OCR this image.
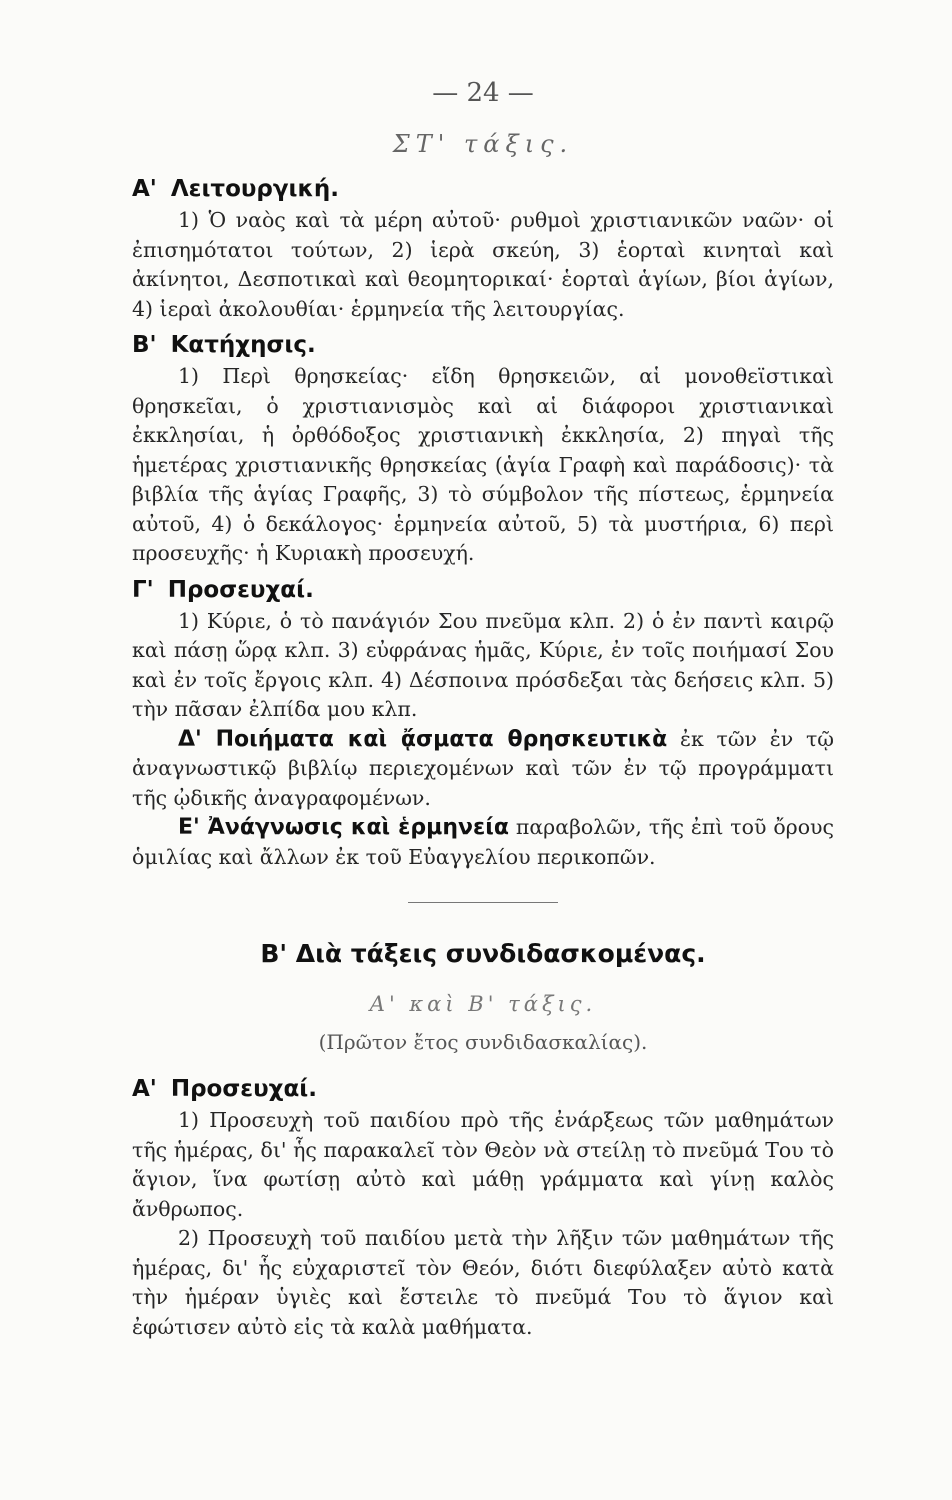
— 24 —
ΣΤ' τάξις.
Α' Λειτουργική.

1) Ὁ ναὸς καὶ τὰ μέρη αὐτοῦ· ρυθμοὶ χριστιανικῶν ναῶν· οἱ ἐπισημότατοι τούτων, 2) ἱερὰ σκεύη, 3) ἑορταὶ κινηταὶ καὶ ἀκίνητοι, Δεσποτικαὶ καὶ θεομητορικαί· ἑορταὶ ἁγίων, βίοι ἁγίων, 4) ἱεραὶ ἀκολουθίαι· ἑρμηνεία τῆς λειτουργίας.

Β' Κατήχησις.

1) Περὶ θρησκείας· εἴδη θρησκειῶν, αἱ μονοθεϊστικαὶ θρησκεῖαι, ὁ χριστιανισμὸς καὶ αἱ διάφοροι χριστιανικαὶ ἐκκλησίαι, ἡ ὀρθόδοξος χριστιανικὴ ἐκκλησία, 2) πηγαὶ τῆς ἡμετέρας χριστιανικῆς θρησκείας (ἁγία Γραφὴ καὶ παράδοσις)· τὰ βιβλία τῆς ἁγίας Γραφῆς, 3) τὸ σύμβολον τῆς πίστεως, ἑρμηνεία αὐτοῦ, 4) ὁ δεκάλογος· ἑρμηνεία αὐτοῦ, 5) τὰ μυστήρια, 6) περὶ προσευχῆς· ἡ Κυριακὴ προσευχή.

Γ' Προσευχαί.

1) Κύριε, ὁ τὸ πανάγιόν Σου πνεῦμα κλπ. 2) ὁ ἐν παντὶ καιρῷ καὶ πάσῃ ὥρᾳ κλπ. 3) εὐφράνας ἡμᾶς, Κύριε, ἐν τοῖς ποιήμασί Σου καὶ ἐν τοῖς ἔργοις κλπ. 4) Δέσποινα πρόσδεξαι τὰς δεήσεις κλπ. 5) τὴν πᾶσαν ἐλπίδα μου κλπ.

Δ' Ποιήματα καὶ ᾄσματα θρησκευτικὰ ἐκ τῶν ἐν τῷ ἀναγνωστικῷ βιβλίῳ περιεχομένων καὶ τῶν ἐν τῷ προγράμματι τῆς ᾠδικῆς ἀναγραφομένων.

Ε' Ἀνάγνωσις καὶ ἑρμηνεία παραβολῶν, τῆς ἐπὶ τοῦ ὄρους ὁμιλίας καὶ ἄλλων ἐκ τοῦ Εὐαγγελίου περικοπῶν.

Β' Διὰ τάξεις συνδιδασκομένας.
Α' καὶ Β' τάξις.
(Πρῶτον ἔτος συνδιδασκαλίας).
Α' Προσευχαί.

1) Προσευχὴ τοῦ παιδίου πρὸ τῆς ἐνάρξεως τῶν μαθημάτων τῆς ἡμέρας, δι' ἧς παρακαλεῖ τὸν Θεὸν νὰ στείλῃ τὸ πνεῦμά Του τὸ ἅγιον, ἵνα φωτίσῃ αὐτὸ καὶ μάθῃ γράμματα καὶ γίνῃ καλὸς ἄνθρωπος.

2) Προσευχὴ τοῦ παιδίου μετὰ τὴν λῆξιν τῶν μαθημάτων τῆς ἡμέρας, δι' ἧς εὐχαριστεῖ τὸν Θεόν, διότι διεφύλαξεν αὐτὸ κατὰ τὴν ἡμέραν ὑγιὲς καὶ ἔστειλε τὸ πνεῦμά Του τὸ ἅγιον καὶ ἐφώτισεν αὐτὸ εἰς τὰ καλὰ μαθήματα.
